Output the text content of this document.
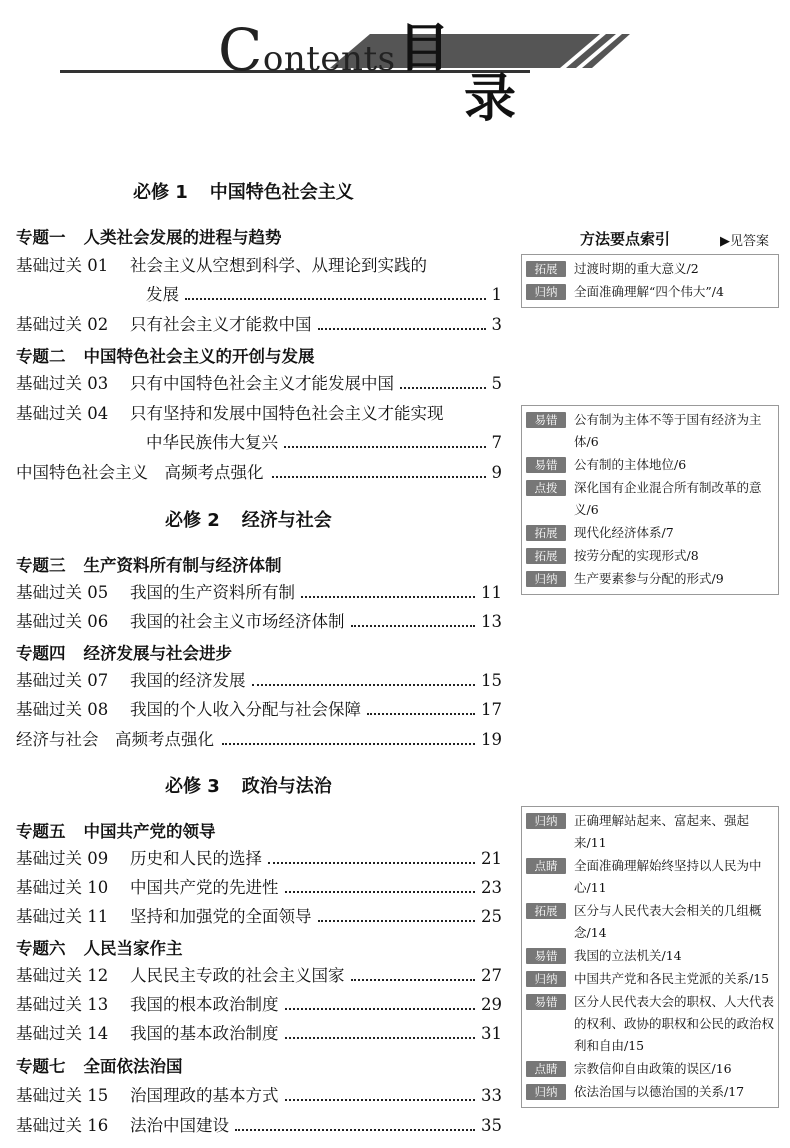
Contents 目
录
必修 1 中国特色社会主义
专题一 人类社会发展的进程与趋势
基础过关 01 社会主义从空想到科学、从理论到实践的
发展	1
基础过关 02 只有社会主义才能救中国	3
专题二 中国特色社会主义的开创与发展
基础过关 03 只有中国特色社会主义才能发展中国	5
基础过关 04 只有坚持和发展中国特色社会主义才能实现
中华民族伟大复兴	7
中国特色社会主义　高频考点强化	9
必修 2 经济与社会
专题三 生产资料所有制与经济体制
基础过关 05 我国的生产资料所有制	11
基础过关 06 我国的社会主义市场经济体制	13
专题四 经济发展与社会进步
基础过关 07 我国的经济发展	15
基础过关 08 我国的个人收入分配与社会保障	17
经济与社会　高频考点强化	19
必修 3 政治与法治
专题五 中国共产党的领导
基础过关 09 历史和人民的选择	21
基础过关 10 中国共产党的先进性	23
基础过关 11 坚持和加强党的全面领导	25
专题六 人民当家作主
基础过关 12 人民民主专政的社会主义国家	27
基础过关 13 我国的根本政治制度	29
基础过关 14 我国的基本政治制度	31
专题七 全面依法治国
基础过关 15 治国理政的基本方式	33
基础过关 16 法治中国建设	35
方法要点索引	▶见答案
拓展	过渡时期的重大意义/2
归纳	全面准确理解“四个伟大”/4
易错	公有制为主体不等于国有经济为主体/6
易错	公有制的主体地位/6
点拨	深化国有企业混合所有制改革的意义/6
拓展	现代化经济体系/7
拓展	按劳分配的实现形式/8
归纳	生产要素参与分配的形式/9
归纳	正确理解站起来、富起来、强起来/11
点睛	全面准确理解始终坚持以人民为中心/11
拓展	区分与人民代表大会相关的几组概念/14
易错	我国的立法机关/14
归纳	中国共产党和各民主党派的关系/15
易错	区分人民代表大会的职权、人大代表的权利、政协的职权和公民的政治权利和自由/15
点睛	宗教信仰自由政策的误区/16
归纳	依法治国与以德治国的关系/17
